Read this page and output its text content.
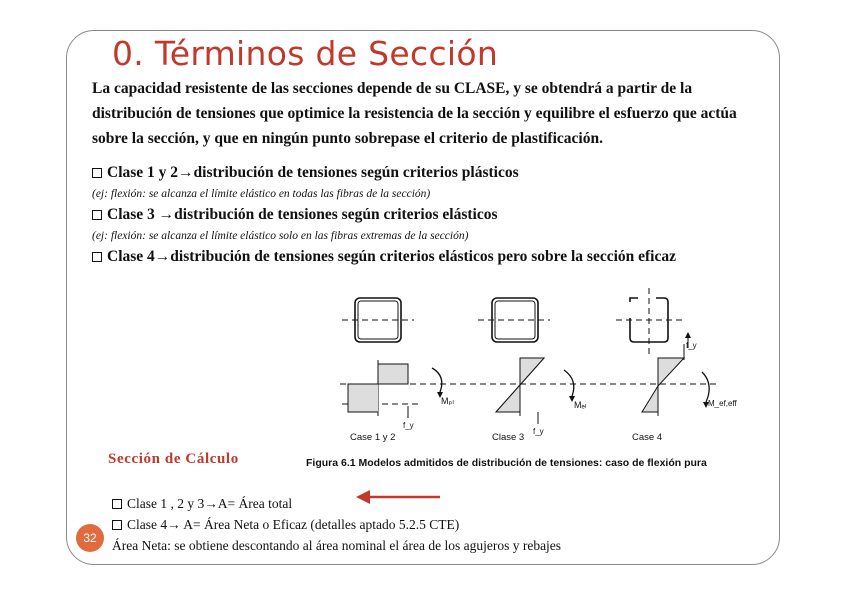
0. Términos de Sección

La capacidad resistente de las secciones depende de su CLASE, y se obtendrá a partir de la distribución de tensiones que optimice la resistencia de la sección y equilibre el esfuerzo que actúa sobre la sección, y que en ningún punto sobrepase el criterio de plastificación.

Clase 1 y 2→distribución de tensiones según criterios plásticos
(ej: flexión: se alcanza el límite elástico en todas las fibras de la sección)
Clase 3 →distribución de tensiones según criterios elásticos
(ej: flexión: se alcanza el límite elástico solo en las fibras extremas de la sección)
Clase 4→distribución de tensiones según criterios elásticos pero sobre la sección eficaz
Mₚₗ	Mₑₗ	M_ef,eff
f_y
f_y
f_y
Case 1 y 2	Clase 3	Case 4
Sección de Cálculo	Figura 6.1 Modelos admitidos de distribución de tensiones: caso de flexión pura
Clase 1 , 2 y 3→A= Área total
Clase 4→ A= Área Neta o Eficaz (detalles aptado 5.2.5 CTE)
Área Neta: se obtiene descontando al área nominal el área de los agujeros y rebajes
32
